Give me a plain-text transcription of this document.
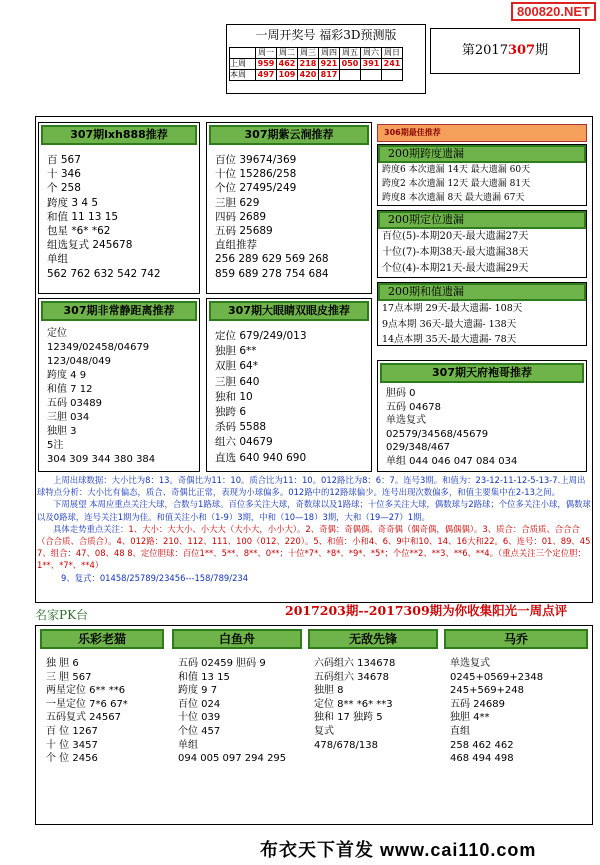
800820.NET
一周开奖号 福彩3D预测版
	周一	周二	周三	周四	周五	周六	周日
上周	959	462	218	921	050	391	241
本周	497	109	420	817			
第2017307期
307期lxh888推荐
百 567
十 346
个 258
跨度 3 4 5
和值 11 13 15
包星 *6* *62
组选复式 245678
单组
562 762 632 542 742
307期紫云涧推荐
百位 39674/369
十位 15286/258
个位 27495/249
三胆 629
四码 2689
五码 25689
直组推荐
256 289 629 569 268
859 689 278 754 684
307期非常静距离推荐
定位
12349/02458/04679
123/048/049
跨度 4 9
和值 7 12
五码 03489
三胆 034
独胆 3
5注
304 309 344 380 384
307期大眼睛双眼皮推荐
定位 679/249/013
独胆 6**
双胆 64*
三胆 640
独和 10
独跨 6
杀码 5588
组六 04679
直选 640 940 690
306期最佳推荐
200期跨度遗漏
跨度6 本次遗漏 14天 最大遗漏 60天
跨度2 本次遗漏 12天 最大遗漏 81天
跨度8 本次遗漏 8天 最大遗漏 67天
200期定位遗漏
百位(5)-本期20天-最大遗漏27天
十位(7)-本期38天-最大遗漏38天
个位(4)-本期21天-最大遗漏29天
200期和值遗漏
17点本期 29天-最大遗漏- 108天
9点本期 36天-最大遗漏- 138天
14点本期 35天-最大遗漏- 78天
307期天府袍哥推荐
胆码 0
五码 04678
单选复式
02579/34568/45679
029/348/467
单组 044 046 047 084 034
上周出球数据：大小比为8：13。奇偶比为11：10。质合比为11：10。012路比为8：6：7。连号3期。和值为：23-12-11-12-5-13-7.上周出球特点分析：大小比有偏态，质合、奇偶比正常，表现为小球偏多。012路中的12路球偏少。连号出现次数偏多，和值主要集中在2-13之间。
下周展望 本周应重点关注大球，合数与1路球。百位多关注大球，奇数球以及1路球；十位多关注大球，偶数球与2路球；个位多关注小球，偶数球以及0路球，连号关注1期为佳。和值关注小和（1-9）3期，中和（10—18）3期，大和（19—27）1期。
具体走势重点关注：1、大小：大大小、小大大（大小大，小小大）。2、奇偶：奇偶偶、奇奇偶（偶奇偶，偶偶偶）。3、质合：合质质、合合合（合合质、合质合）。4、012路：210、112、111、100（012、220）。5、和值：小和4、6、9中和10、14、16大和22。6、连号：01、89、45 7、组合：47、08、48 8、定位胆球：百位1**、5**、8**、0**；十位*7*、*8*、*9*、*5*；个位**2、**3、**6、**4。（重点关注三个定位胆：1**、*7*、**4）
9、复式：01458/25789/23456---158/789/234
名家PK台	2017203期--2017309期为你收集阳光一周点评
乐彩老猫
独 胆 6
三 胆 567
两星定位 6** **6
一星定位 7*6 67*
五码复式 24567
百 位 1267
十 位 3457
个 位 2456
白鱼舟
五码 02459 胆码 9
和值 13 15
跨度 9 7
百位 024
十位 039
个位 457
单组
094 005 097 294 295
无敌先锋
六码组六 134678
五码组六 34678
独胆 8
定位 8** *6* **3
独和 17 独跨 5
复式
478/678/138
马乔
单选复式
0245+0569+2348
245+569+248
五码 24689
独胆 4**
直组
258 462 462
468 494 498
布衣天下首发 www.cai110.com
